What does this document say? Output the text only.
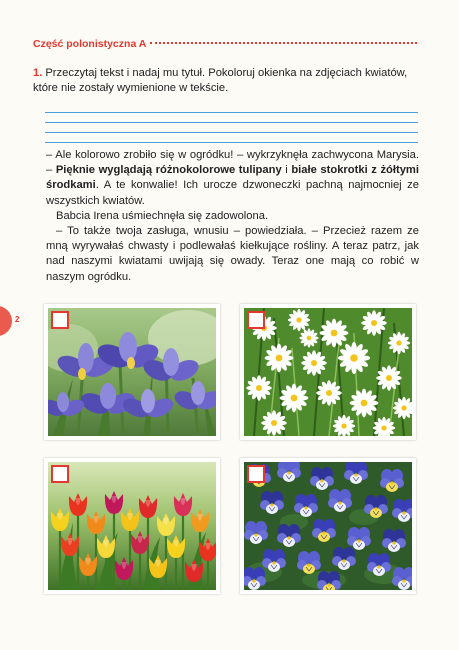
Część polonistyczna A
1. Przeczytaj tekst i nadaj mu tytuł. Pokoloruj okienka na zdjęciach kwiatów, które nie zostały wymienione w tekście.

– Ale kolorowo zrobiło się w ogródku! – wykrzyknęła zachwycona Marysia. – Pięknie wyglądają różnokolorowe tulipany i białe stokrotki z żółtymi środkami. A te konwalie! Ich urocze dzwoneczki pachną najmocniej ze wszystkich kwiatów.

Babcia Irena uśmiechnęła się zadowolona.

– To także twoja zasługa, wnusiu – powiedziała. – Przecież razem ze mną wyrywałaś chwasty i podlewałaś kiełkujące rośliny. A teraz patrz, jak nad naszymi kwiatami uwijają się owady. Teraz one mają co robić w naszym ogródku.

2
